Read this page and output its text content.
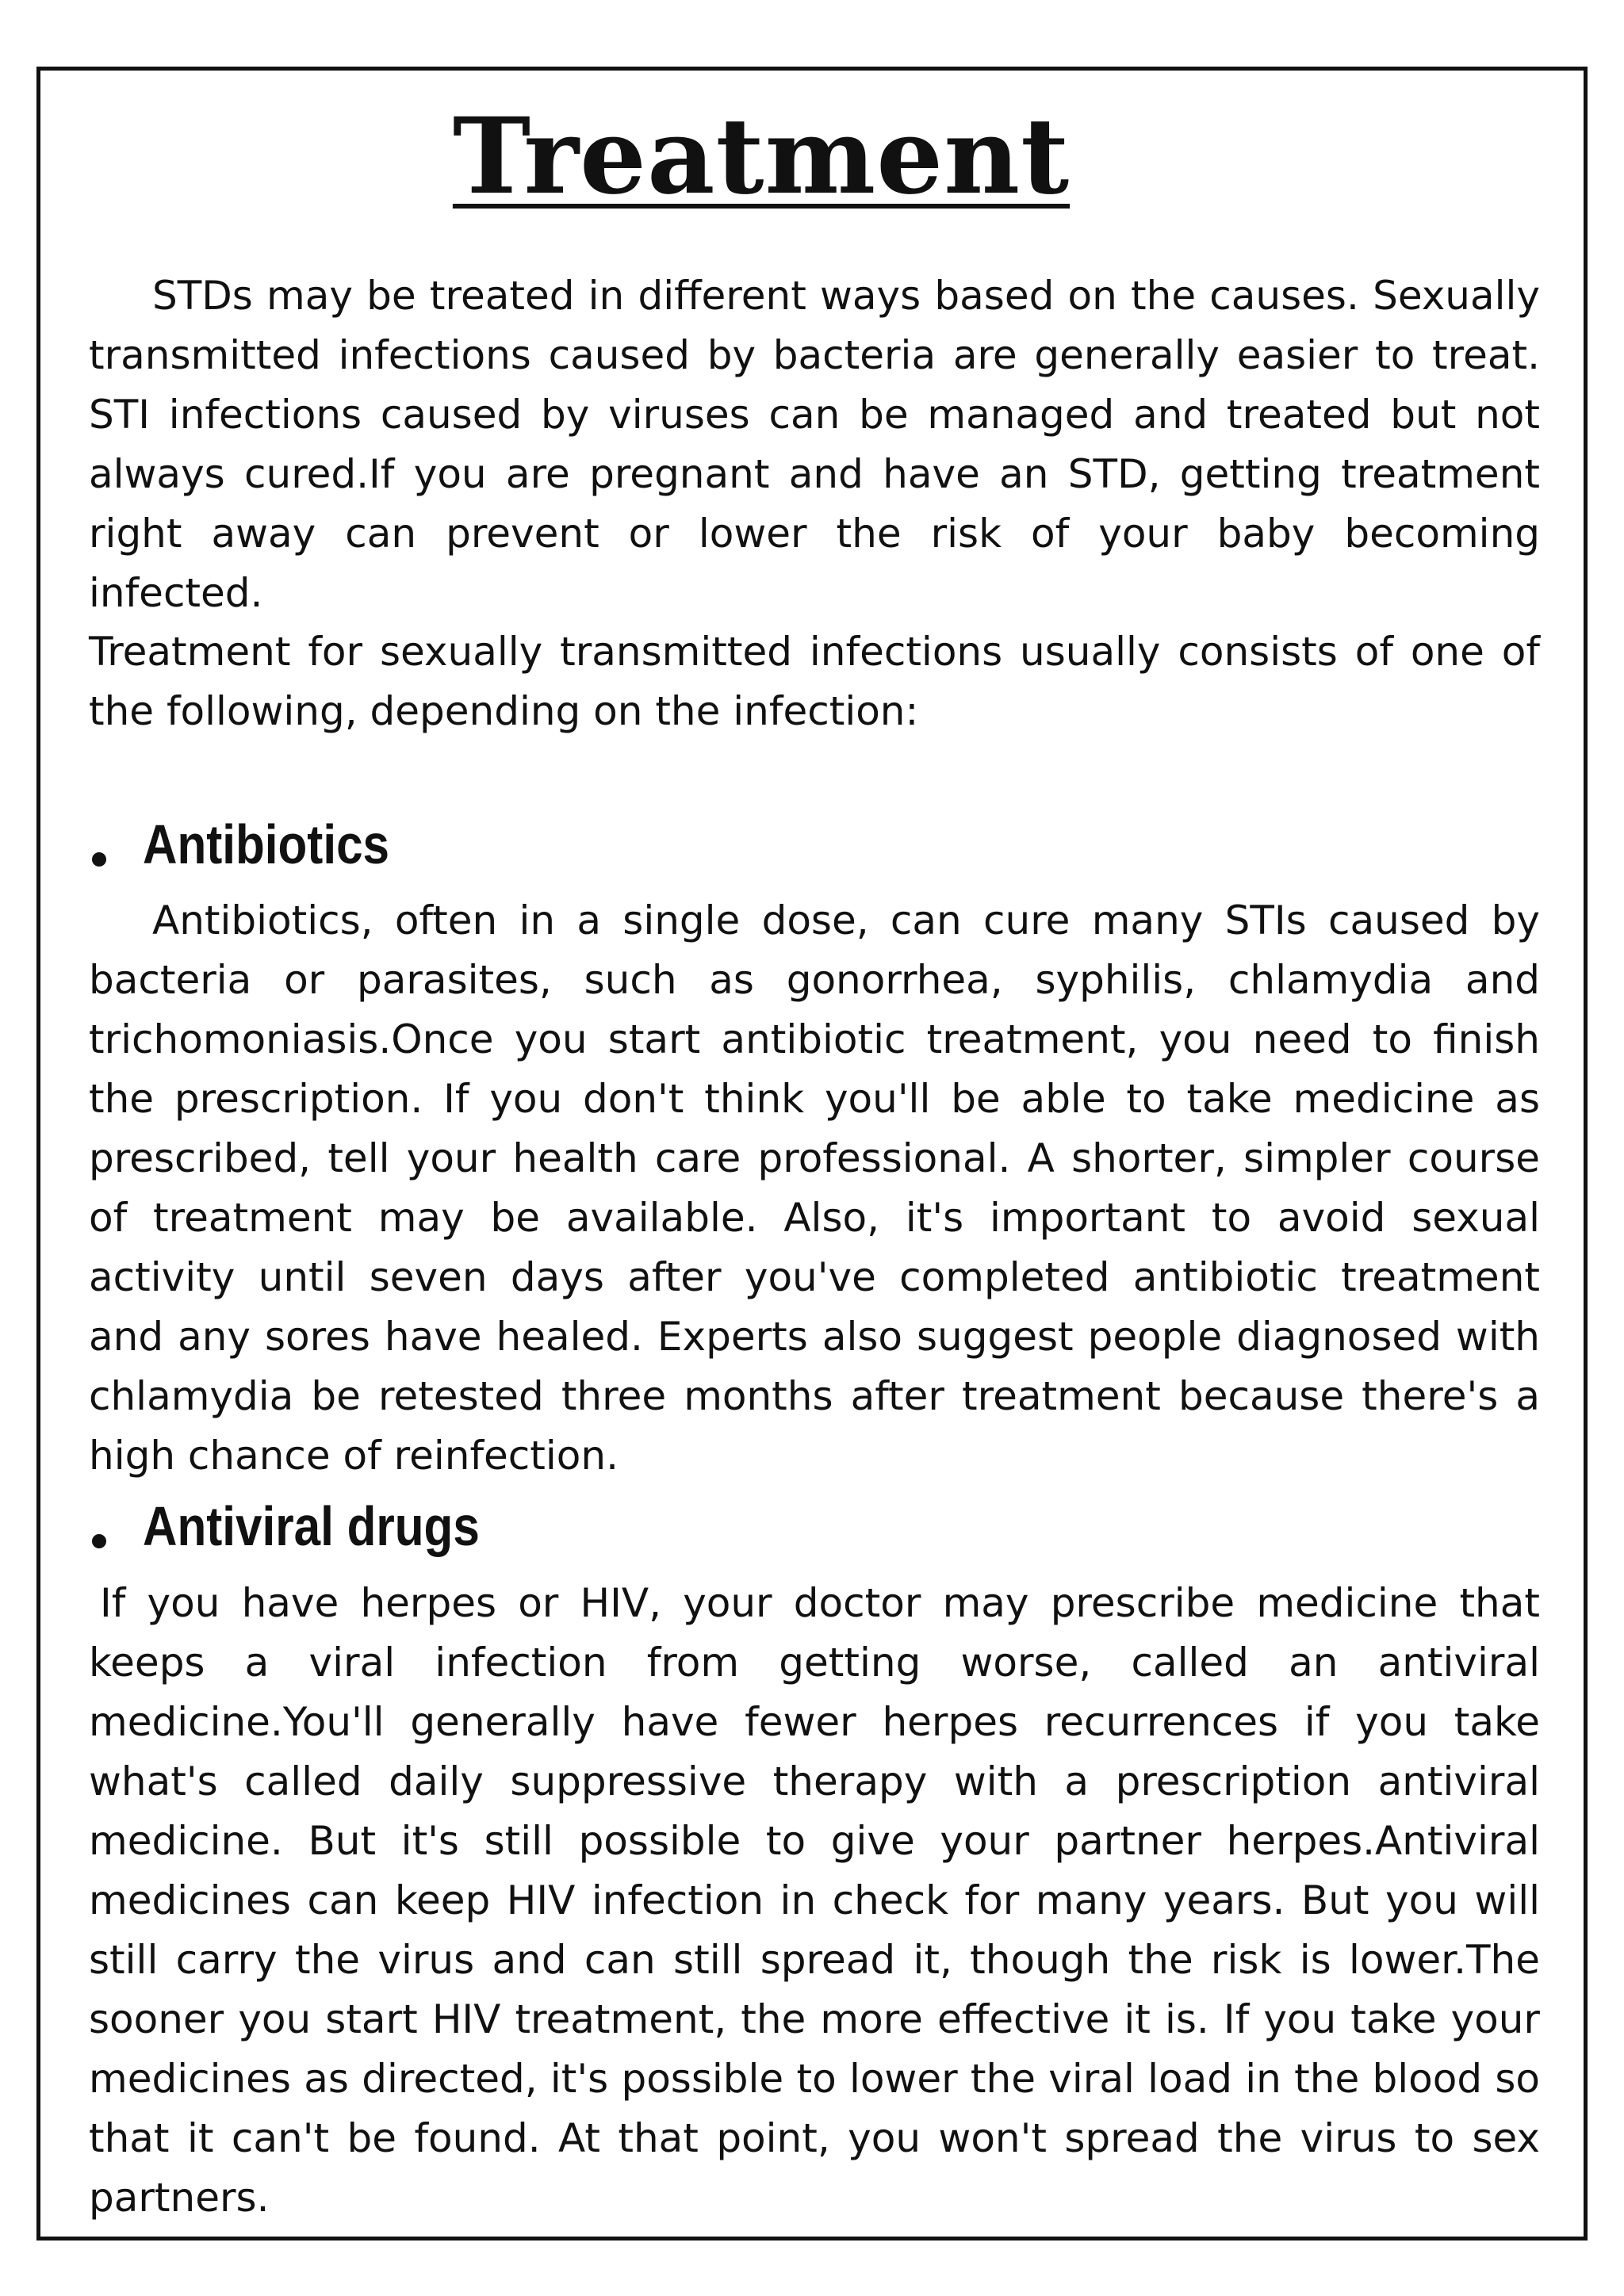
Treatment

STDs may be treated in different ways based on the causes. Sexually transmitted infections caused by bacteria are generally easier to treat. STI infections caused by viruses can be managed and treated but not always cured.If you are pregnant and have an STD, getting treatment right away can prevent or lower the risk of your baby becoming infected.

Treatment for sexually transmitted infections usually consists of one of the following, depending on the infection:

Antibiotics

Antibiotics, often in a single dose, can cure many STIs caused by bacteria or parasites, such as gonorrhea, syphilis, chlamydia and trichomoniasis.Once you start antibiotic treatment, you need to finish the prescription. If you don't think you'll be able to take medicine as prescribed, tell your health care professional. A shorter, simpler course of treatment may be available. Also, it's important to avoid sexual activity until seven days after you've completed antibiotic treatment and any sores have healed. Experts also suggest people diagnosed with chlamydia be retested three months after treatment because there's a high chance of reinfection.

Antiviral drugs

If you have herpes or HIV, your doctor may prescribe medicine that keeps a viral infection from getting worse, called an antiviral medicine.You'll generally have fewer herpes recurrences if you take what's called daily suppressive therapy with a prescription antiviral medicine. But it's still possible to give your partner herpes.Antiviral medicines can keep HIV infection in check for many years. But you will still carry the virus and can still spread it, though the risk is lower.The sooner you start HIV treatment, the more effective it is. If you take your medicines as directed, it's possible to lower the viral load in the blood so that it can't be found. At that point, you won't spread the virus to sex partners.
